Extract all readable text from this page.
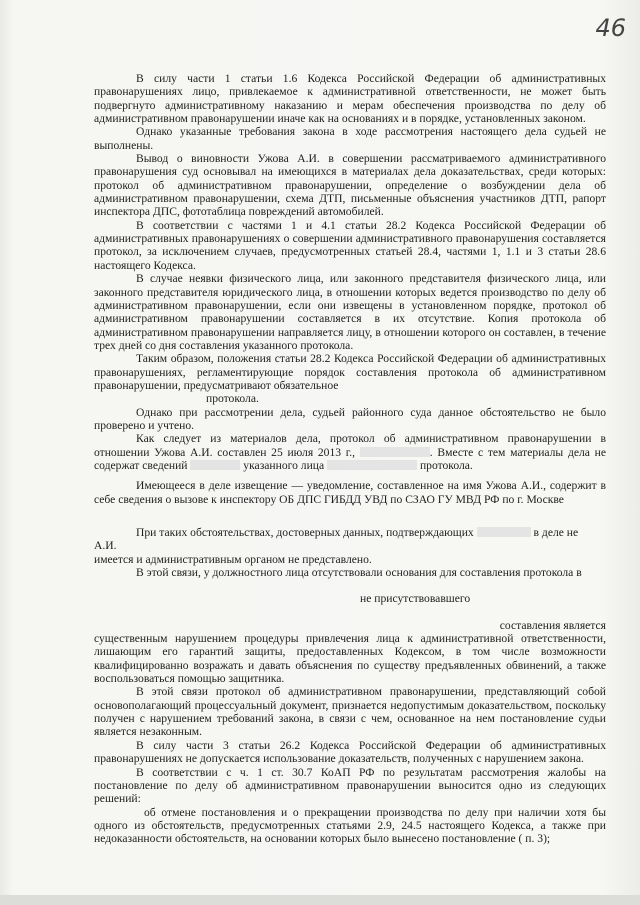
46

В силу части 1 статьи 1.6 Кодекса Российской Федерации об административных правонарушениях лицо, привлекаемое к административной ответственности, не может быть подвергнуто административному наказанию и мерам обеспечения производства по делу об административном правонарушении иначе как на основаниях и в порядке, установленных законом.

Однако указанные требования закона в ходе рассмотрения настоящего дела судьей не выполнены.

Вывод о виновности Ужова А.И. в совершении рассматриваемого административного правонарушения суд основывал на имеющихся в материалах дела доказательствах, среди которых: протокол об административном правонарушении, определение о возбуждении дела об административном правонарушении, схема ДТП, письменные объяснения участников ДТП, рапорт инспектора ДПС, фототаблица повреждений автомобилей.

В соответствии с частями 1 и 4.1 статьи 28.2 Кодекса Российской Федерации об административных правонарушениях о совершении административного правонарушения составляется протокол, за исключением случаев, предусмотренных статьей 28.4, частями 1, 1.1 и 3 статьи 28.6 настоящего Кодекса.

В случае неявки физического лица, или законного представителя физического лица, или законного представителя юридического лица, в отношении которых ведется производство по делу об административном правонарушении, если они извещены в установленном порядке, протокол об административном правонарушении составляется в их отсутствие. Копия протокола об административном правонарушении направляется лицу, в отношении которого он составлен, в течение трех дней со дня составления указанного протокола.

Таким образом, положения статьи 28.2 Кодекса Российской Федерации об административных правонарушениях, регламентирующие порядок составления протокола об административном правонарушении, предусматривают обязательное

протокола.

Однако при рассмотрении дела, судьей районного суда данное обстоятельство не было проверено и учтено.

Как следует из материалов дела, протокол об административном правонарушении в отношении Ужова А.И. составлен 25 июля 2013 г.,	. Вместе с тем материалы дела не содержат сведений	указанного лица	протокола.

Имеющееся в деле извещение — уведомление, составленное на имя Ужова А.И., содержит в себе сведения о вызове к инспектору ОБ ДПС ГИБДД УВД по СЗАО ГУ МВД РФ по г. Москве

При таких обстоятельствах, достоверных данных, подтверждающих	в деле не

А.И.

имеется и административным органом не представлено.

В этой связи, у должностного лица отсутствовали основания для составления протокола в

не присутствовавшего

составления является

существенным нарушением процедуры привлечения лица к административной ответственности, лишающим его гарантий защиты, предоставленных Кодексом, в том числе возможности квалифицированно возражать и давать объяснения по существу предъявленных обвинений, а также воспользоваться помощью защитника.

В этой связи протокол об административном правонарушении, представляющий собой основополагающий процессуальный документ, признается недопустимым доказательством, поскольку получен с нарушением требований закона, в связи с чем, основанное на нем постановление судьи является незаконным.

В силу части 3 статьи 26.2 Кодекса Российской Федерации об административных правонарушениях не допускается использование доказательств, полученных с нарушением закона.

В соответствии с ч. 1 ст. 30.7 КоАП РФ по результатам рассмотрения жалобы на постановление по делу об административном правонарушении выносится одно из следующих решений:

об отмене постановления и о прекращении производства по делу при наличии хотя бы одного из обстоятельств, предусмотренных статьями 2.9, 24.5 настоящего Кодекса, а также при недоказанности обстоятельств, на основании которых было вынесено постановление ( п. 3);
